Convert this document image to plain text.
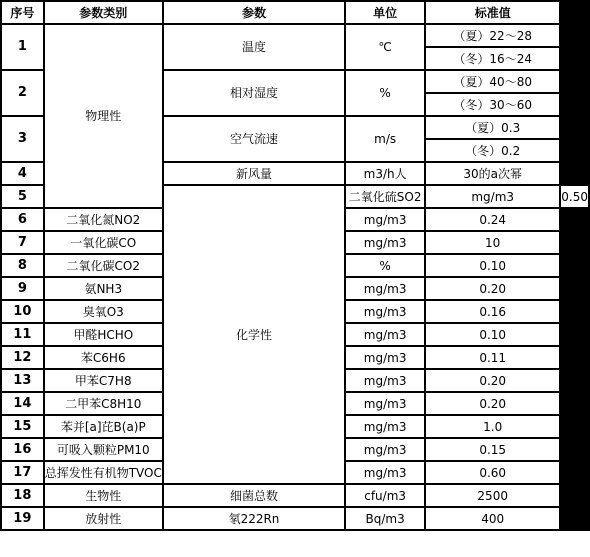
序号	参数类别	参数	单位	标准值	
1	物理性	温度	℃	（夏）22～28	
				（冬）16～24	
2		相对湿度	%	（夏）40～80	
				（冬）30～60	
3		空气流速	m/s	（夏）0.3	
				（冬）0.2	
4		新风量	m3/h人	30的a次幂	
5		化学性	二氧化硫SO2	mg/m3	0.50
6	二氧化氮NO2		mg/m3	0.24	
7	一氧化碳CO		mg/m3	10	
8	二氧化碳CO2		%	0.10	
9	氨NH3		mg/m3	0.20	
10	臭氧O3		mg/m3	0.16	
11	甲醛HCHO		mg/m3	0.10	
12	苯C6H6		mg/m3	0.11	
13	甲苯C7H8		mg/m3	0.20	
14	二甲苯C8H10		mg/m3	0.20	
15	苯并[a]芘B(a)P		mg/m3	1.0	
16	可吸入颗粒PM10		mg/m3	0.15	
17	总挥发性有机物TVOC		mg/m3	0.60	
18	生物性	细菌总数	cfu/m3	2500	
19	放射性	氡222Rn	Bq/m3	400	
